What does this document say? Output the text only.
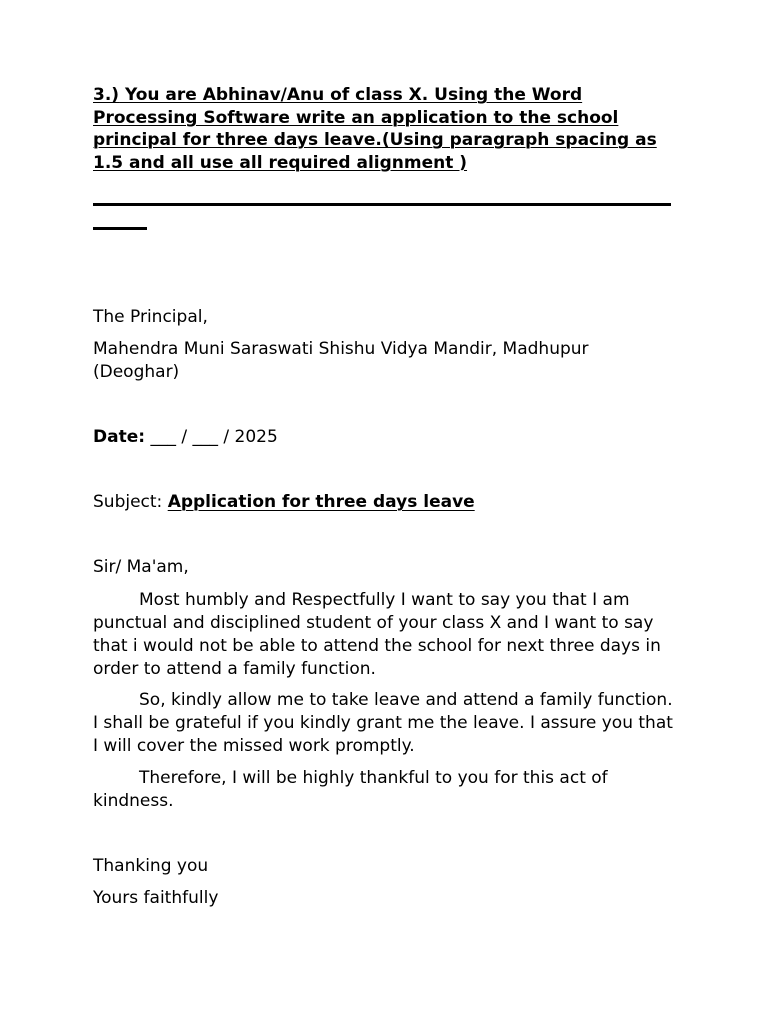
3.) You are Abhinav/Anu of class X. Using the Word Processing Software write an application to the school principal for three days leave.(Using paragraph spacing as 1.5 and all use all required alignment )

The Principal,

Mahendra Muni Saraswati Shishu Vidya Mandir, Madhupur

(Deoghar)

Date: ___ / ___ / 2025

Subject: Application for three days leave

Sir/ Ma'am,

Most humbly and Respectfully I want to say you that I am punctual and disciplined student of your class X and I want to say that i would not be able to attend the school for next three days in order to attend a family function.

So, kindly allow me to take leave and attend a family function. I shall be grateful if you kindly grant me the leave. I assure you that I will cover the missed work promptly.

Therefore, I will be highly thankful to you for this act of kindness.

Thanking you

Yours faithfully
